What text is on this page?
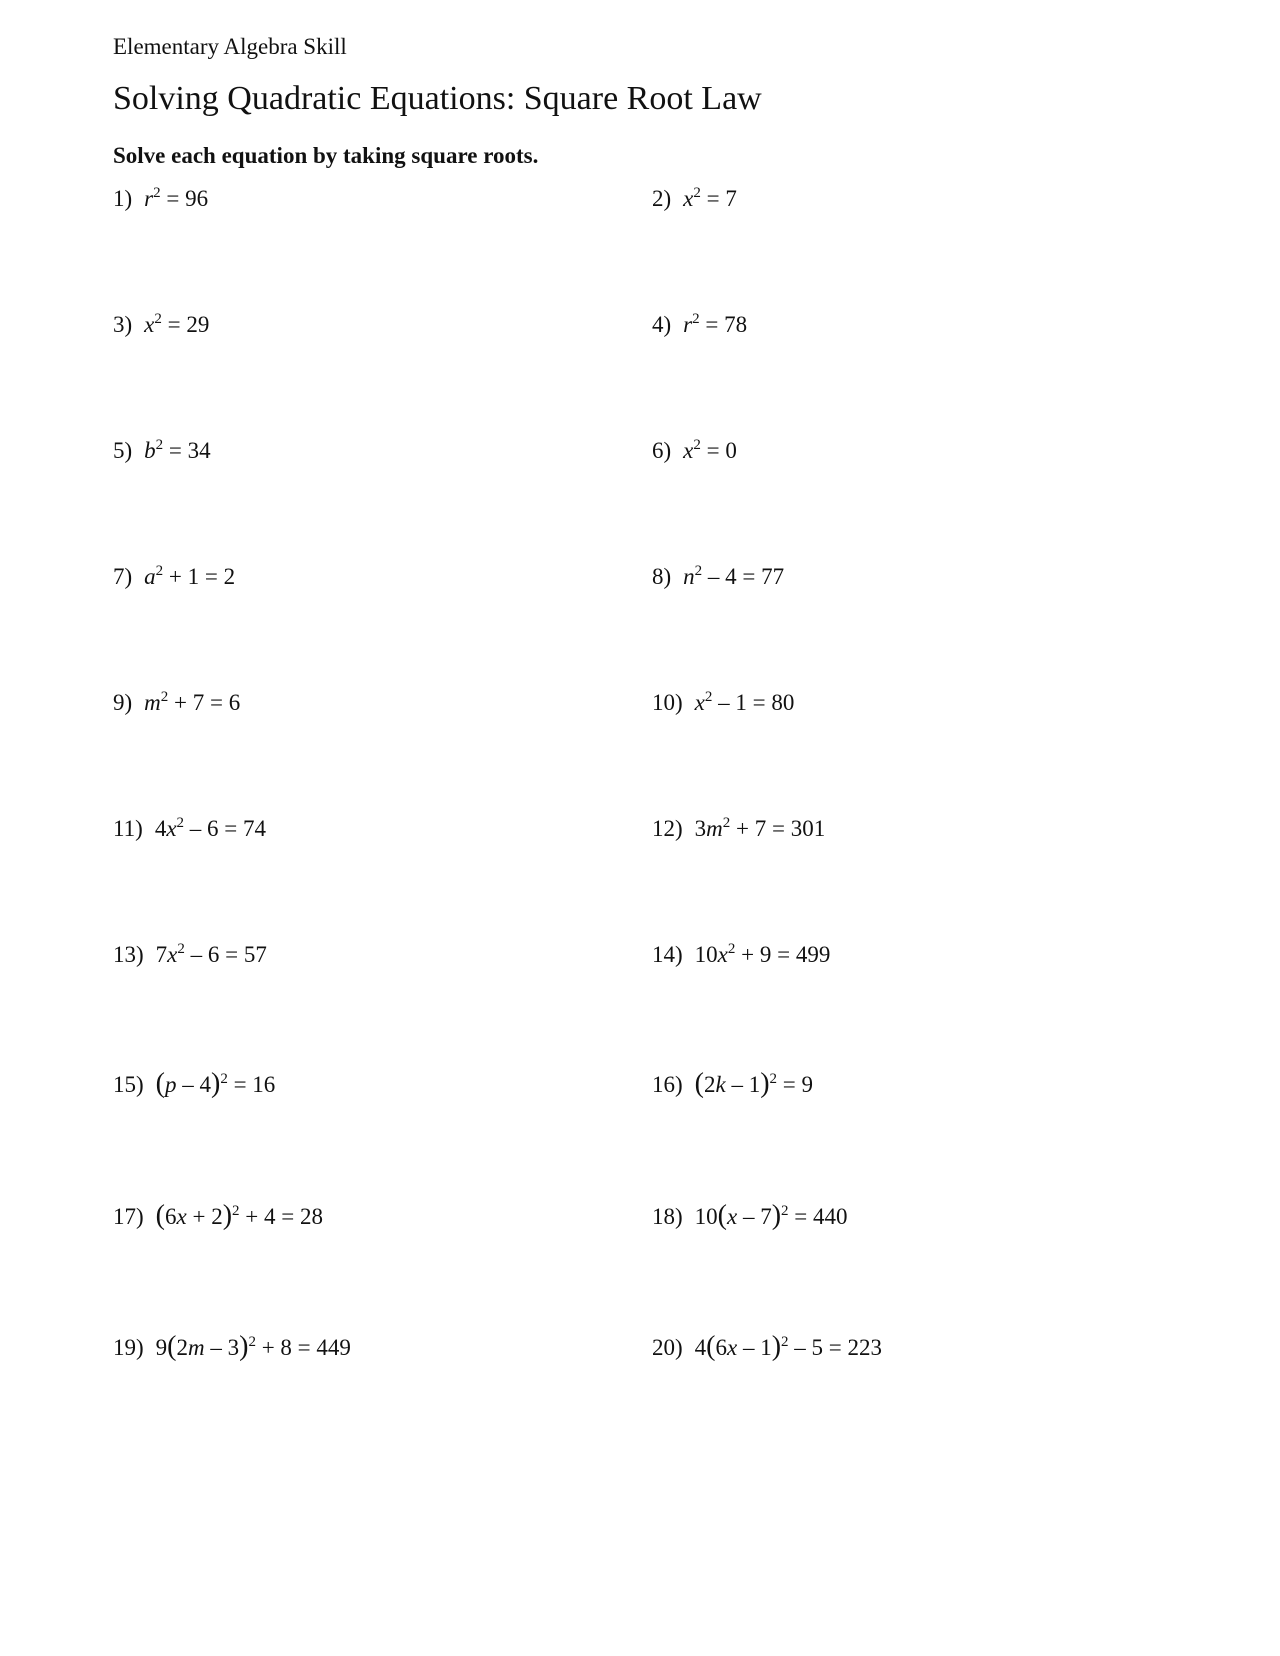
Elementary Algebra Skill
Solving Quadratic Equations: Square Root Law
Solve each equation by taking square roots.
1) $r^2 = 96$	2) $x^2 = 7$
3) $x^2 = 29$	4) $r^2 = 78$
5) $b^2 = 34$	6) $x^2 = 0$
7) $a^2 + 1 = 2$	8) $n^2 - 4 = 77$
9) $m^2 + 7 = 6$	10) $x^2 - 1 = 80$
11) $4x^2 - 6 = 74$	12) $3m^2 + 7 = 301$
13) $7x^2 - 6 = 57$	14) $10x^2 + 9 = 499$
15) (p – 4)$^2$ = 16	16) (2k – 1)$^2$ = 9
17) $(6x + 2)^2 + 4 = 28$	18) 10(x – 7)$^2$ = 440
19) 9(2m – 3)$^2$ + 8 = 449	20) 4(6x – 1)$^2$ – 5 = 223
